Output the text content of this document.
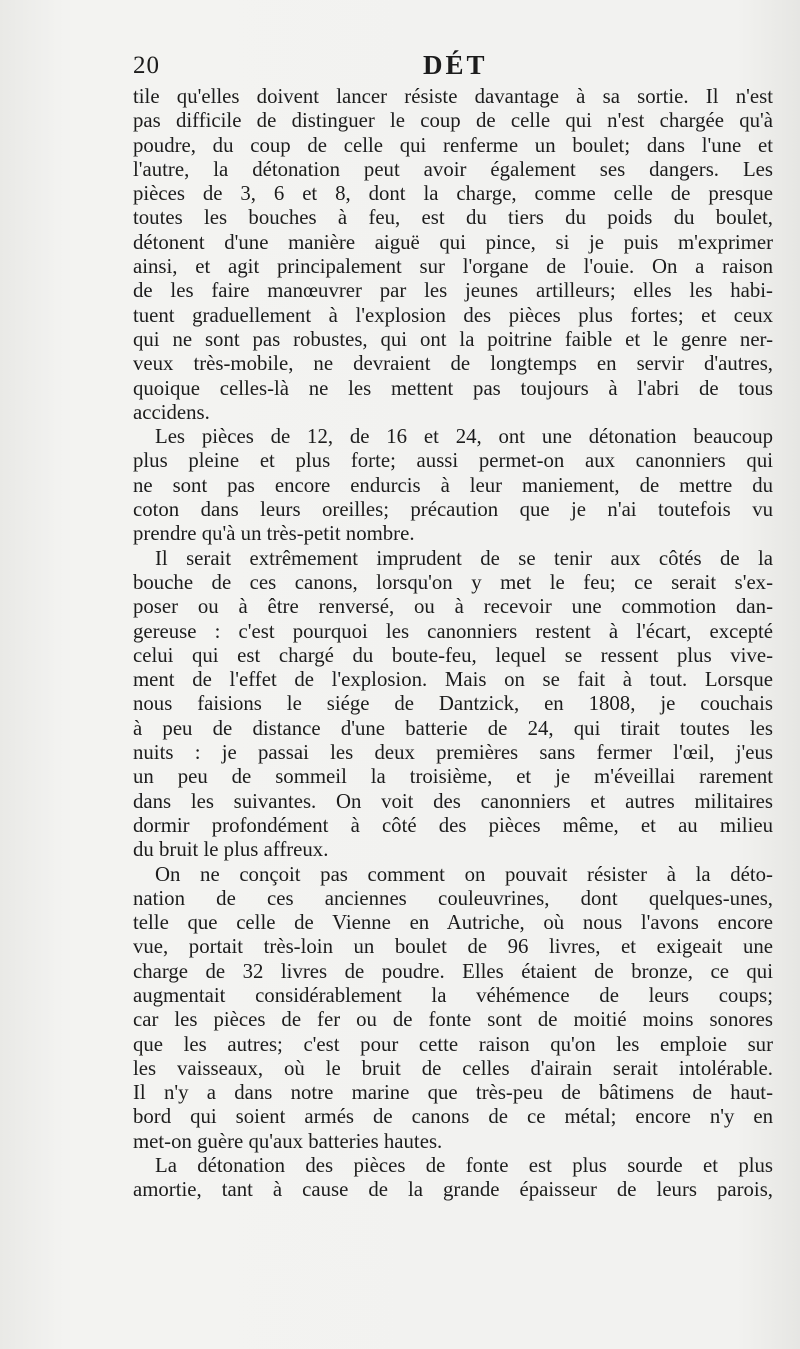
20	DÉT
tile qu'elles doivent lancer résiste davantage à sa sortie. Il n'est
pas difficile de distinguer le coup de celle qui n'est chargée qu'à
poudre, du coup de celle qui renferme un boulet; dans l'une et
l'autre, la détonation peut avoir également ses dangers. Les
pièces de 3, 6 et 8, dont la charge, comme celle de presque
toutes les bouches à feu, est du tiers du poids du boulet,
détonent d'une manière aiguë qui pince, si je puis m'exprimer
ainsi, et agit principalement sur l'organe de l'ouie. On a raison
de les faire manœuvrer par les jeunes artilleurs; elles les habi-
tuent graduellement à l'explosion des pièces plus fortes; et ceux
qui ne sont pas robustes, qui ont la poitrine faible et le genre ner-
veux très-mobile, ne devraient de longtemps en servir d'autres,
quoique celles-là ne les mettent pas toujours à l'abri de tous
accidens.
Les pièces de 12, de 16 et 24, ont une détonation beaucoup
plus pleine et plus forte; aussi permet-on aux canonniers qui
ne sont pas encore endurcis à leur maniement, de mettre du
coton dans leurs oreilles; précaution que je n'ai toutefois vu
prendre qu'à un très-petit nombre.
Il serait extrêmement imprudent de se tenir aux côtés de la
bouche de ces canons, lorsqu'on y met le feu; ce serait s'ex-
poser ou à être renversé, ou à recevoir une commotion dan-
gereuse : c'est pourquoi les canonniers restent à l'écart, excepté
celui qui est chargé du boute-feu, lequel se ressent plus vive-
ment de l'effet de l'explosion. Mais on se fait à tout. Lorsque
nous faisions le siége de Dantzick, en 1808, je couchais
à peu de distance d'une batterie de 24, qui tirait toutes les
nuits : je passai les deux premières sans fermer l'œil, j'eus
un peu de sommeil la troisième, et je m'éveillai rarement
dans les suivantes. On voit des canonniers et autres militaires
dormir profondément à côté des pièces même, et au milieu
du bruit le plus affreux.
On ne conçoit pas comment on pouvait résister à la déto-
nation de ces anciennes couleuvrines, dont quelques-unes,
telle que celle de Vienne en Autriche, où nous l'avons encore
vue, portait très-loin un boulet de 96 livres, et exigeait une
charge de 32 livres de poudre. Elles étaient de bronze, ce qui
augmentait considérablement la véhémence de leurs coups;
car les pièces de fer ou de fonte sont de moitié moins sonores
que les autres; c'est pour cette raison qu'on les emploie sur
les vaisseaux, où le bruit de celles d'airain serait intolérable.
Il n'y a dans notre marine que très-peu de bâtimens de haut-
bord qui soient armés de canons de ce métal; encore n'y en
met-on guère qu'aux batteries hautes.
La détonation des pièces de fonte est plus sourde et plus
amortie, tant à cause de la grande épaisseur de leurs parois,
